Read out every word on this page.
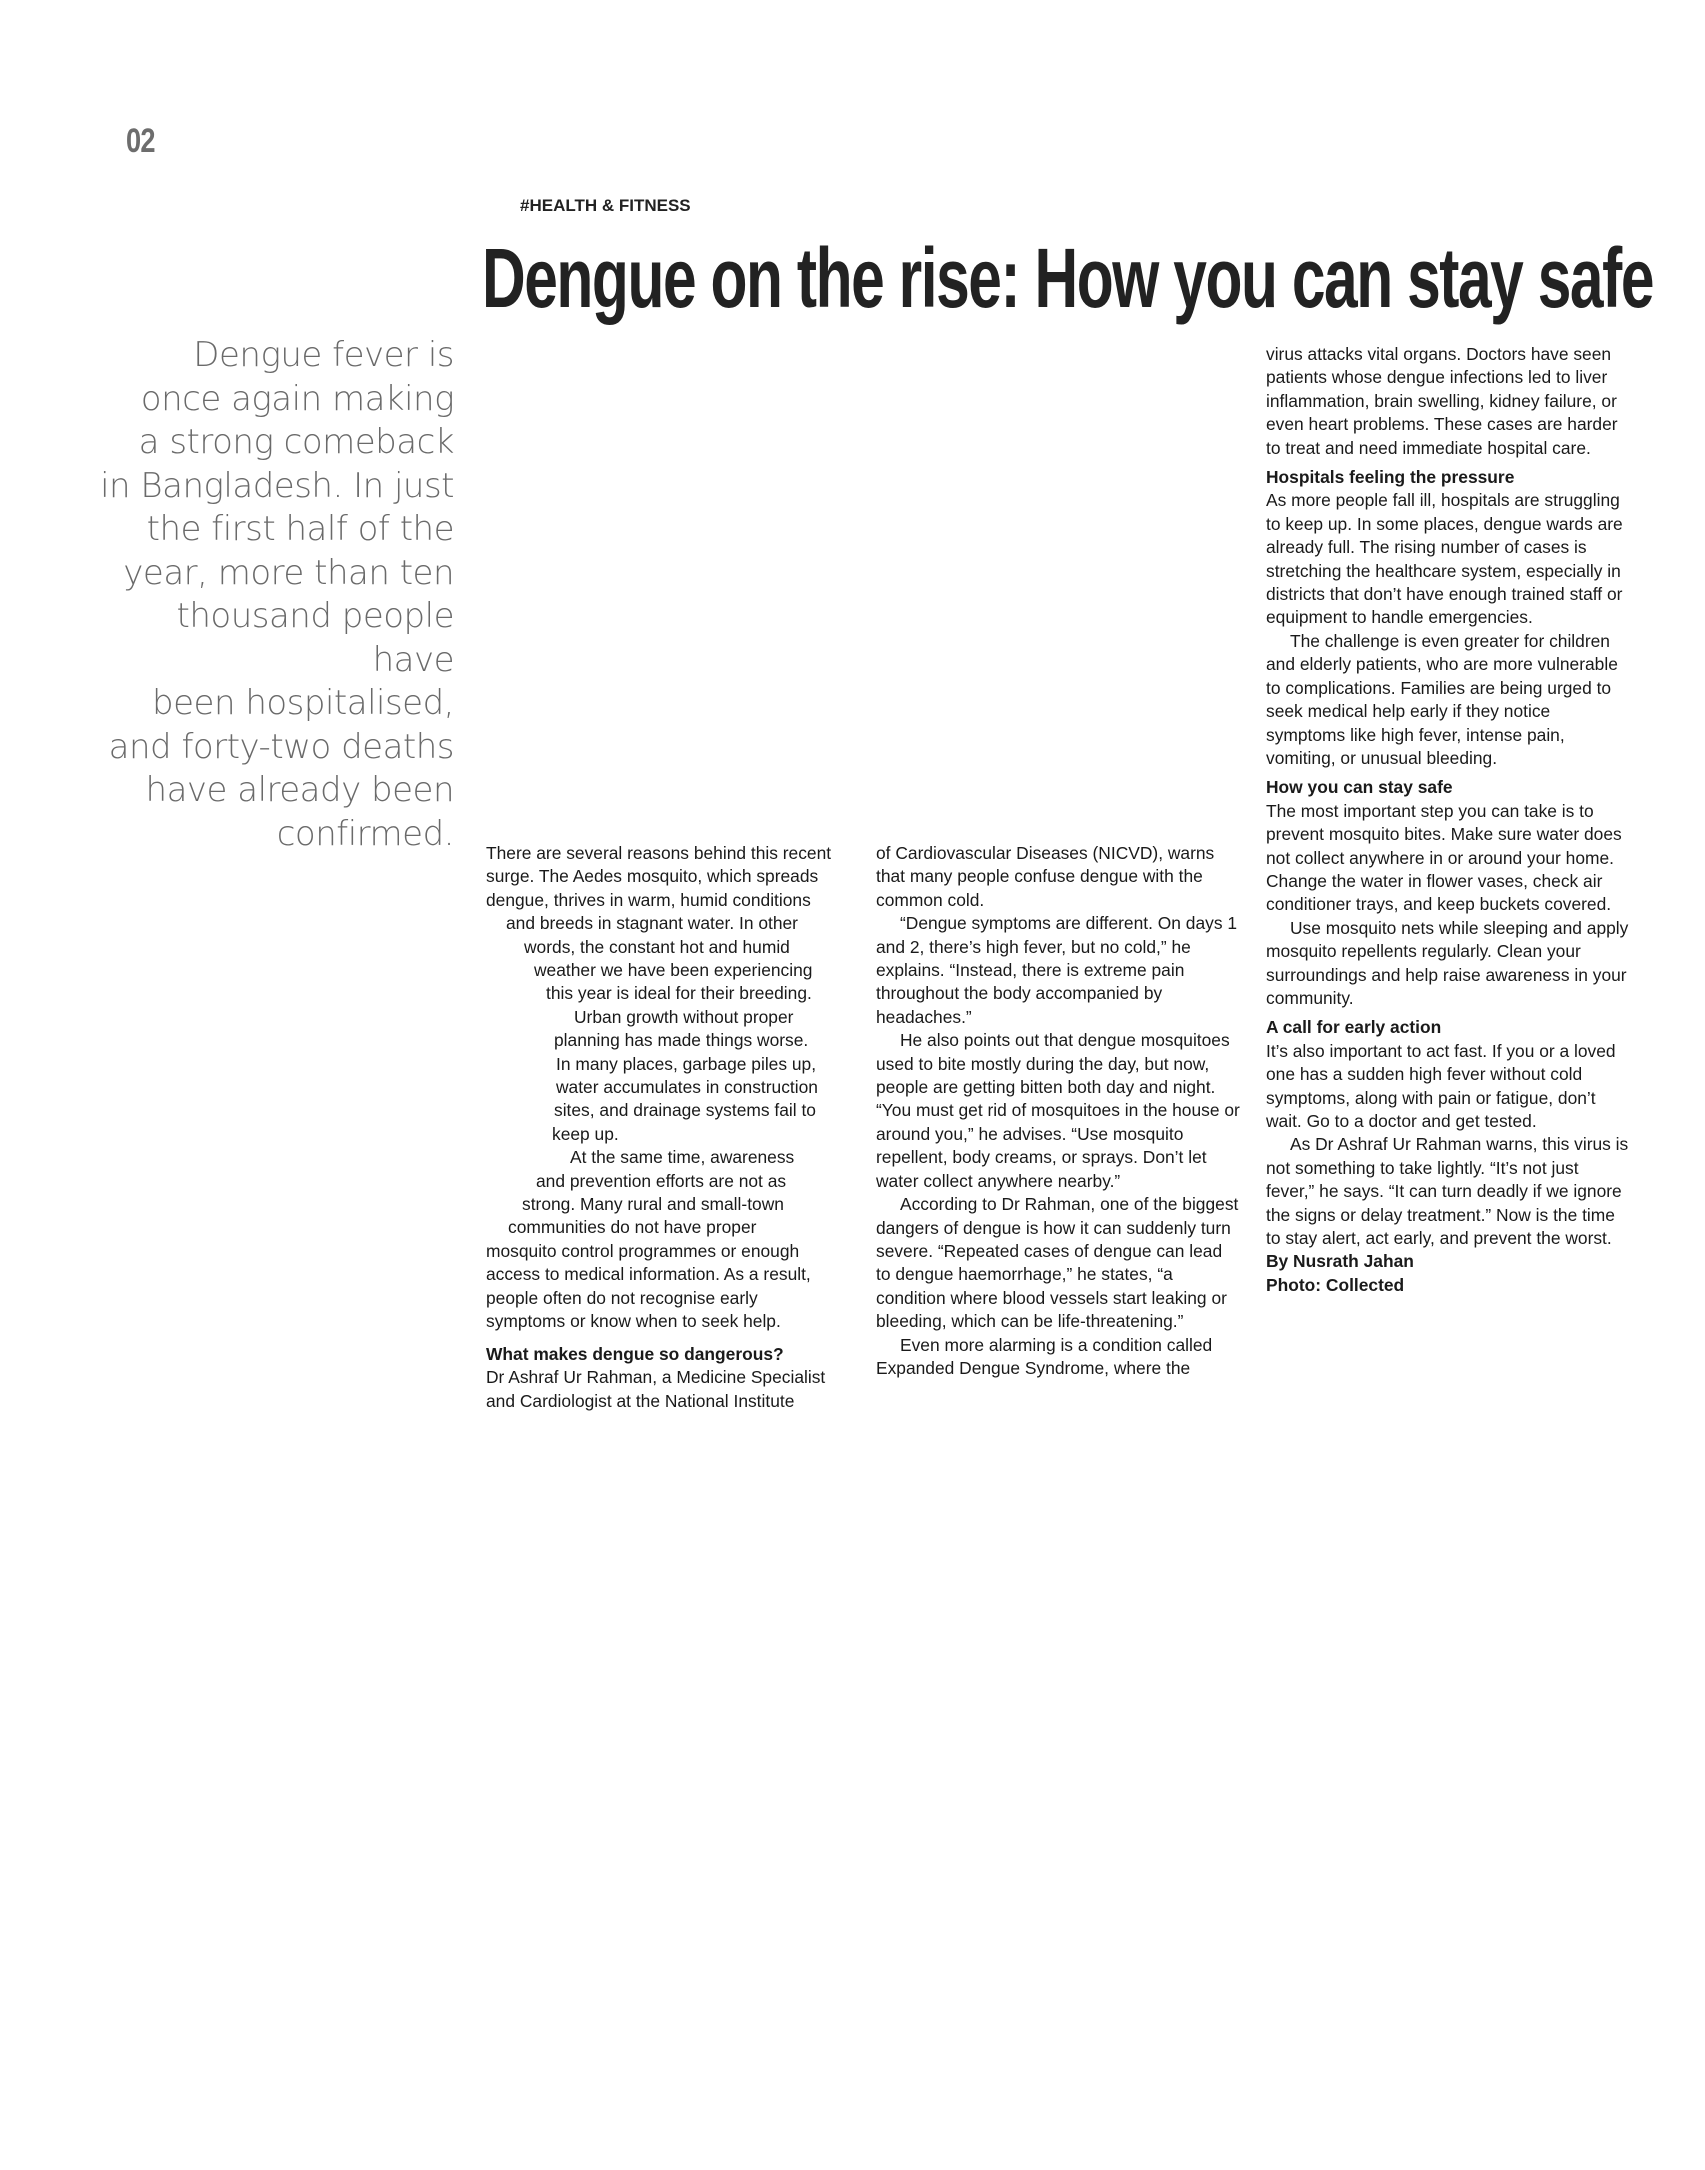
02
#HEALTH & FITNESS
Dengue on the rise: How you can stay safe
Dengue fever is
once again making
a strong comeback
in Bangladesh. In just
the first half of the
year, more than ten
thousand people have
been hospitalised,
and forty-two deaths
have already been
confirmed. There are several reasons behind this recent
surge. The Aedes mosquito, which spreads
dengue, thrives in warm, humid conditions
and breeds in stagnant water. In other
words, the constant hot and humid
weather we have been experiencing
this year is ideal for their breeding.
Urban growth without proper
planning has made things worse.
In many places, garbage piles up,
water accumulates in construction
sites, and drainage systems fail to
keep up.
At the same time, awareness
and prevention efforts are not as
strong. Many rural and small-town
communities do not have proper
mosquito control programmes or enough
access to medical information. As a result,
people often do not recognise early
symptoms or know when to seek help.

What makes dengue so dangerous?

Dr Ashraf Ur Rahman, a Medicine Specialist and Cardiologist at the National Institute

of Cardiovascular Diseases (NICVD), warns that many people confuse dengue with the common cold.

“Dengue symptoms are different. On days 1 and 2, there’s high fever, but no cold,” he explains. “Instead, there is extreme pain throughout the body accompanied by headaches.”

He also points out that dengue mosquitoes used to bite mostly during the day, but now, people are getting bitten both day and night. “You must get rid of mosquitoes in the house or around you,” he advises. “Use mosquito repellent, body creams, or sprays. Don’t let water collect anywhere nearby.”

According to Dr Rahman, one of the biggest dangers of dengue is how it can suddenly turn severe. “Repeated cases of dengue can lead to dengue haemorrhage,” he states, “a condition where blood vessels start leaking or bleeding, which can be life-threatening.”

Even more alarming is a condition called Expanded Dengue Syndrome, where the

virus attacks vital organs. Doctors have seen patients whose dengue infections led to liver inflammation, brain swelling, kidney failure, or even heart problems. These cases are harder to treat and need immediate hospital care.

Hospitals feeling the pressure

As more people fall ill, hospitals are struggling to keep up. In some places, dengue wards are already full. The rising number of cases is stretching the healthcare system, especially in districts that don’t have enough trained staff or equipment to handle emergencies.

The challenge is even greater for children and elderly patients, who are more vulnerable to complications. Families are being urged to seek medical help early if they notice symptoms like high fever, intense pain, vomiting, or unusual bleeding.

How you can stay safe

The most important step you can take is to prevent mosquito bites. Make sure water does not collect anywhere in or around your home. Change the water in flower vases, check air conditioner trays, and keep buckets covered.

Use mosquito nets while sleeping and apply mosquito repellents regularly. Clean your surroundings and help raise awareness in your community.

A call for early action

It’s also important to act fast. If you or a loved one has a sudden high fever without cold symptoms, along with pain or fatigue, don’t wait. Go to a doctor and get tested.

As Dr Ashraf Ur Rahman warns, this virus is not something to take lightly. “It’s not just fever,” he says. “It can turn deadly if we ignore the signs or delay treatment.” Now is the time to stay alert, act early, and prevent the worst.

By Nusrath Jahan

Photo: Collected
